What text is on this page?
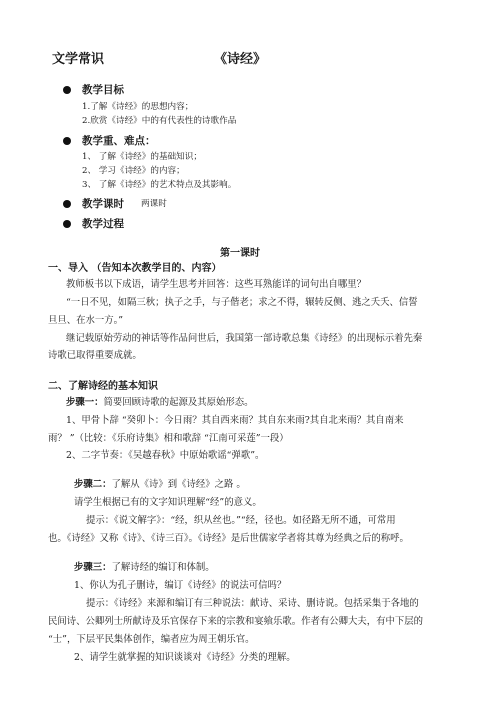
文学常识	《诗经》
教学目标
1.了解《诗经》的思想内容；
2.欣赏《诗经》中的有代表性的诗歌作品
教学重、难点：
1、 了解《诗经》的基础知识；
2、 学习《诗经》的内容；
3、 了解《诗经》的艺术特点及其影响。
教学课时 两课时
教学过程
第一课时
一、导入 （告知本次教学目的、内容）
教师板书以下成语，请学生思考并回答：这些耳熟能详的词句出自哪里？
“一日不见，如隔三秋；执子之手，与子偕老；求之不得，辗转反侧、逃之夭夭、信誓
旦旦、在水一方。”
继记载原始劳动的神话等作品问世后，我国第一部诗歌总集《诗经》的出现标示着先秦
诗歌已取得重要成就。
二、了解诗经的基本知识
步骤一：简要回顾诗歌的起源及其原始形态。
1、甲骨卜辞 “癸卯卜：今日雨？其自西来雨？其自东来雨?其自北来雨？其自南来
雨？ ”（比较：《乐府诗集》相和歌辞 “江南可采莲”一段）
2、二字节奏：《吴越春秋》中原始歌谣“弹歌”。
步骤二：了解从《诗》到《诗经》之路 。
请学生根据已有的文字知识理解“经”的意义。
提示：《说文解字》：“经，织从丝也。”“经，径也。如径路无所不通，可常用
也。《诗经》又称《诗》、《诗三百》。《诗经》是后世儒家学者将其尊为经典之后的称呼。
步骤三：了解诗经的编订和体制。
1、你认为孔子删诗，编订《诗经》的说法可信吗？
提示：《诗经》来源和编订有三种说法：献诗、采诗、删诗说。包括采集于各地的
民间诗、公卿列士所献诗及乐官保存下来的宗教和宴飨乐歌。作者有公卿大夫，有中下层的
“士”，下层平民集体创作，编者应为周王朝乐官。
2、请学生就掌握的知识谈谈对《诗经》分类的理解。
